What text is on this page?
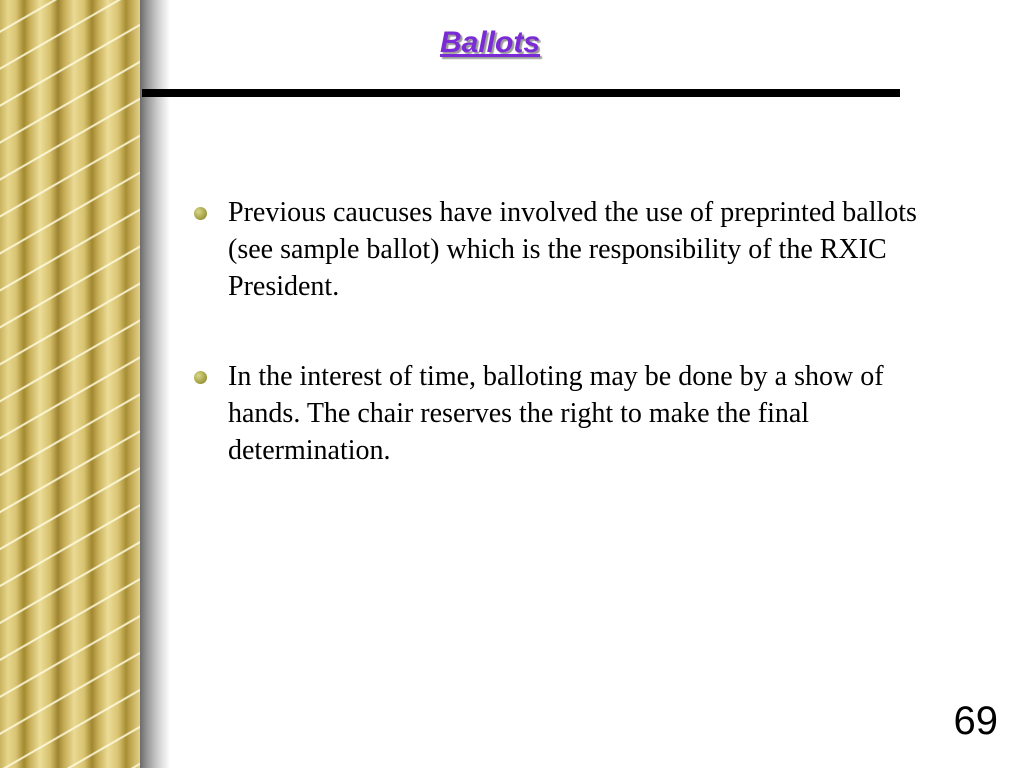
Ballots
Previous caucuses have involved the use of preprinted ballots (see sample ballot) which is the responsibility of the RXIC President.
In the interest of time, balloting may be done by a show of hands. The chair reserves the right to make the final determination.
69
